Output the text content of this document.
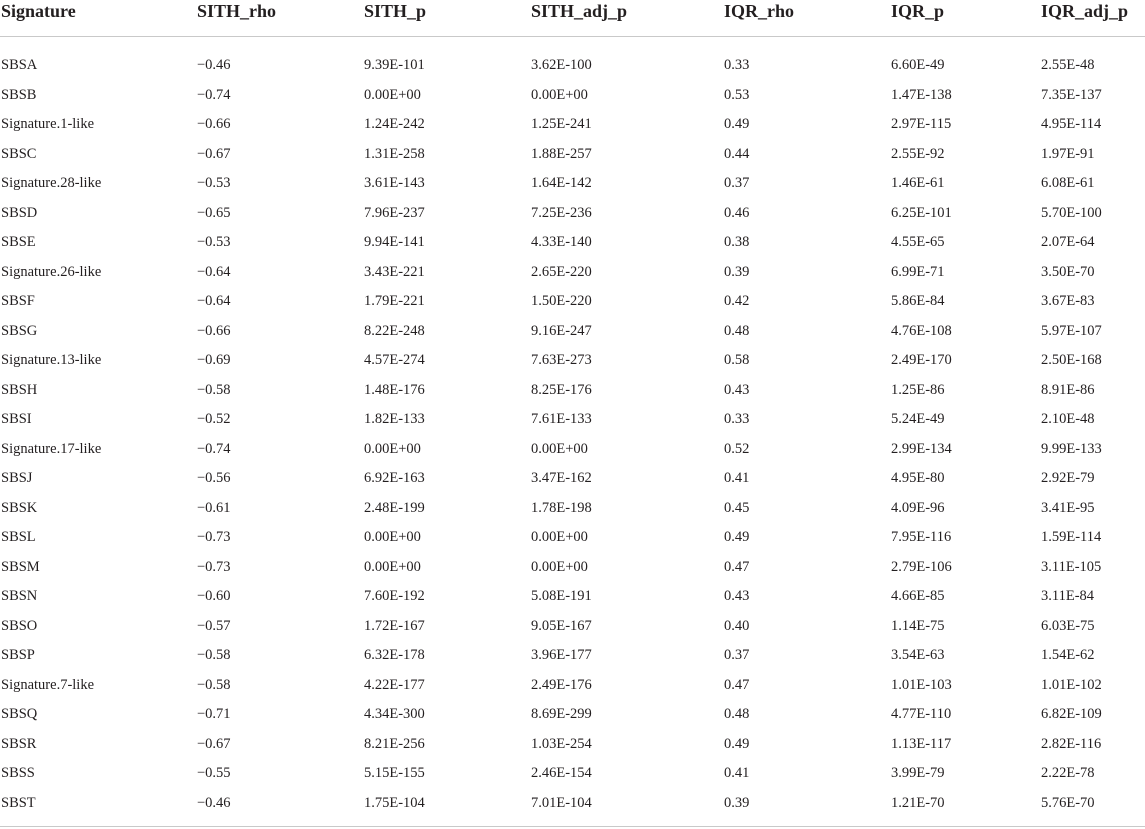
Signature	SITH_rho	SITH_p	SITH_adj_p	IQR_rho	IQR_p	IQR_adj_p
SBSA	−0.46	9.39E-101	3.62E-100	0.33	6.60E-49	2.55E-48
SBSB	−0.74	0.00E+00	0.00E+00	0.53	1.47E-138	7.35E-137
Signature.1-like	−0.66	1.24E-242	1.25E-241	0.49	2.97E-115	4.95E-114
SBSC	−0.67	1.31E-258	1.88E-257	0.44	2.55E-92	1.97E-91
Signature.28-like	−0.53	3.61E-143	1.64E-142	0.37	1.46E-61	6.08E-61
SBSD	−0.65	7.96E-237	7.25E-236	0.46	6.25E-101	5.70E-100
SBSE	−0.53	9.94E-141	4.33E-140	0.38	4.55E-65	2.07E-64
Signature.26-like	−0.64	3.43E-221	2.65E-220	0.39	6.99E-71	3.50E-70
SBSF	−0.64	1.79E-221	1.50E-220	0.42	5.86E-84	3.67E-83
SBSG	−0.66	8.22E-248	9.16E-247	0.48	4.76E-108	5.97E-107
Signature.13-like	−0.69	4.57E-274	7.63E-273	0.58	2.49E-170	2.50E-168
SBSH	−0.58	1.48E-176	8.25E-176	0.43	1.25E-86	8.91E-86
SBSI	−0.52	1.82E-133	7.61E-133	0.33	5.24E-49	2.10E-48
Signature.17-like	−0.74	0.00E+00	0.00E+00	0.52	2.99E-134	9.99E-133
SBSJ	−0.56	6.92E-163	3.47E-162	0.41	4.95E-80	2.92E-79
SBSK	−0.61	2.48E-199	1.78E-198	0.45	4.09E-96	3.41E-95
SBSL	−0.73	0.00E+00	0.00E+00	0.49	7.95E-116	1.59E-114
SBSM	−0.73	0.00E+00	0.00E+00	0.47	2.79E-106	3.11E-105
SBSN	−0.60	7.60E-192	5.08E-191	0.43	4.66E-85	3.11E-84
SBSO	−0.57	1.72E-167	9.05E-167	0.40	1.14E-75	6.03E-75
SBSP	−0.58	6.32E-178	3.96E-177	0.37	3.54E-63	1.54E-62
Signature.7-like	−0.58	4.22E-177	2.49E-176	0.47	1.01E-103	1.01E-102
SBSQ	−0.71	4.34E-300	8.69E-299	0.48	4.77E-110	6.82E-109
SBSR	−0.67	8.21E-256	1.03E-254	0.49	1.13E-117	2.82E-116
SBSS	−0.55	5.15E-155	2.46E-154	0.41	3.99E-79	2.22E-78
SBST	−0.46	1.75E-104	7.01E-104	0.39	1.21E-70	5.76E-70
